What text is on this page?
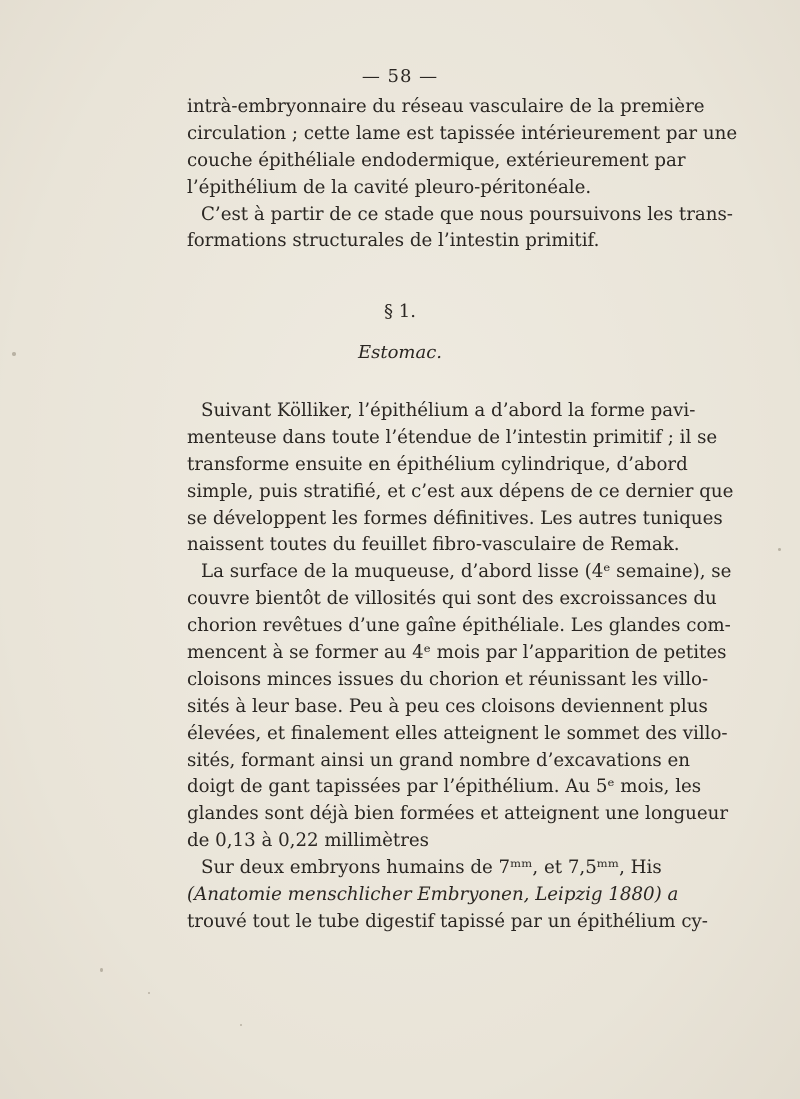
— 58 —
intrà-embryonnaire du réseau vasculaire de la première
circulation ; cette lame est tapissée intérieurement par une
couche épithéliale endodermique, extérieurement par
l’épithélium de la cavité pleuro-péritonéale.
C’est à partir de ce stade que nous poursuivons les trans-
formations structurales de l’intestin primitif.
§ 1.
Estomac.
Suivant Kölliker, l’épithélium a d’abord la forme pavi-
menteuse dans toute l’étendue de l’intestin primitif ; il se
transforme ensuite en épithélium cylindrique, d’abord
simple, puis stratifié, et c’est aux dépens de ce dernier que
se développent les formes définitives. Les autres tuniques
naissent toutes du feuillet fibro-vasculaire de Remak.
La surface de la muqueuse, d’abord lisse (4ᵉ semaine), se
couvre bientôt de villosités qui sont des excroissances du
chorion revêtues d’une gaîne épithéliale. Les glandes com-
mencent à se former au 4ᵉ mois par l’apparition de petites
cloisons minces issues du chorion et réunissant les villo-
sités à leur base. Peu à peu ces cloisons deviennent plus
élevées, et finalement elles atteignent le sommet des villo-
sités, formant ainsi un grand nombre d’excavations en
doigt de gant tapissées par l’épithélium. Au 5ᵉ mois, les
glandes sont déjà bien formées et atteignent une longueur
de 0,13 à 0,22 millimètres
Sur deux embryons humains de 7ᵐᵐ, et 7,5ᵐᵐ, His
(Anatomie menschlicher Embryonen, Leipzig 1880) a
trouvé tout le tube digestif tapissé par un épithélium cy-
